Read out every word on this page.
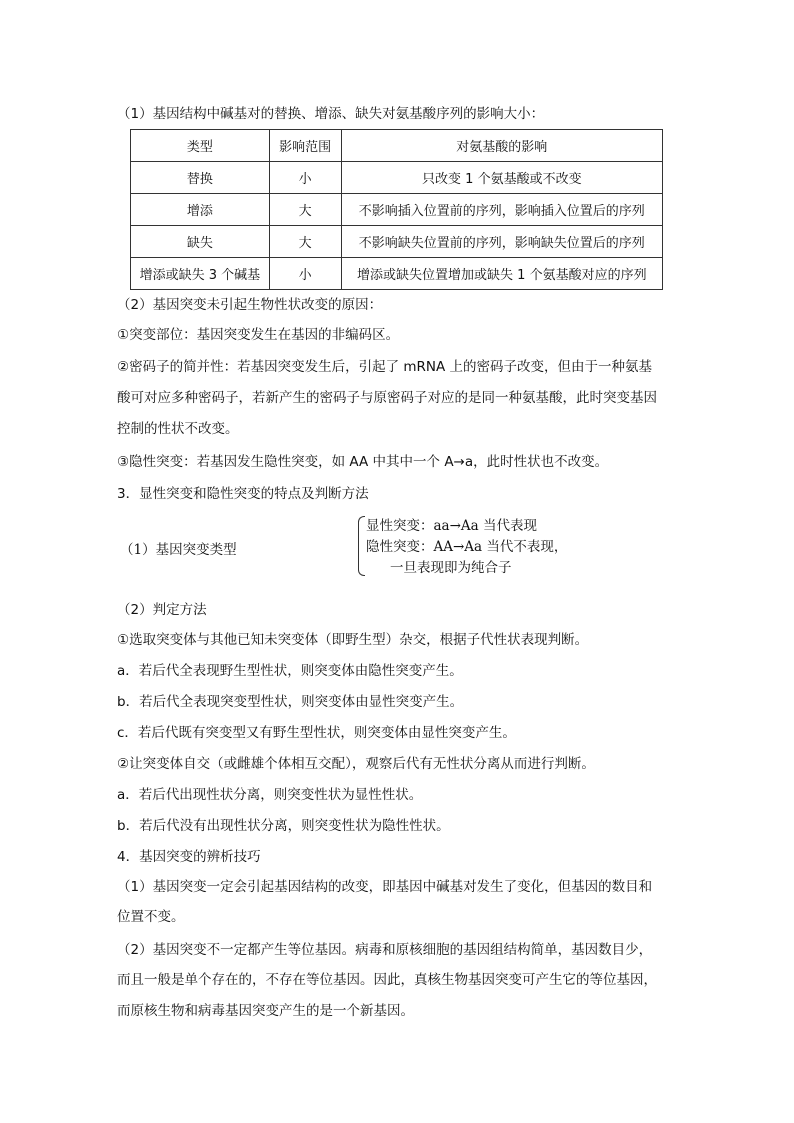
（1）基因结构中碱基对的替换、增添、缺失对氨基酸序列的影响大小：
类型	影响范围	对氨基酸的影响
替换	小	只改变 1 个氨基酸或不改变
增添	大	不影响插入位置前的序列，影响插入位置后的序列
缺失	大	不影响缺失位置前的序列，影响缺失位置后的序列
增添或缺失 3 个碱基	小	增添或缺失位置增加或缺失 1 个氨基酸对应的序列
（2）基因突变未引起生物性状改变的原因：
①突变部位：基因突变发生在基因的非编码区。
②密码子的简并性：若基因突变发生后，引起了 mRNA 上的密码子改变，但由于一种氨基
酸可对应多种密码子，若新产生的密码子与原密码子对应的是同一种氨基酸，此时突变基因
控制的性状不改变。
③隐性突变：若基因发生隐性突变，如 AA 中其中一个 A→a，此时性状也不改变。
3．显性突变和隐性突变的特点及判断方法
（1）基因突变类型
显性突变：aa→Aa 当代表现
隐性突变：AA→Aa 当代不表现，
一旦表现即为纯合子
（2）判定方法
①选取突变体与其他已知未突变体（即野生型）杂交，根据子代性状表现判断。
a．若后代全表现野生型性状，则突变体由隐性突变产生。
b．若后代全表现突变型性状，则突变体由显性突变产生。
c．若后代既有突变型又有野生型性状，则突变体由显性突变产生。
②让突变体自交（或雌雄个体相互交配），观察后代有无性状分离从而进行判断。
a．若后代出现性状分离，则突变性状为显性性状。
b．若后代没有出现性状分离，则突变性状为隐性性状。
4．基因突变的辨析技巧
（1）基因突变一定会引起基因结构的改变，即基因中碱基对发生了变化，但基因的数目和
位置不变。
（2）基因突变不一定都产生等位基因。病毒和原核细胞的基因组结构简单，基因数目少，
而且一般是单个存在的，不存在等位基因。因此，真核生物基因突变可产生它的等位基因，
而原核生物和病毒基因突变产生的是一个新基因。
